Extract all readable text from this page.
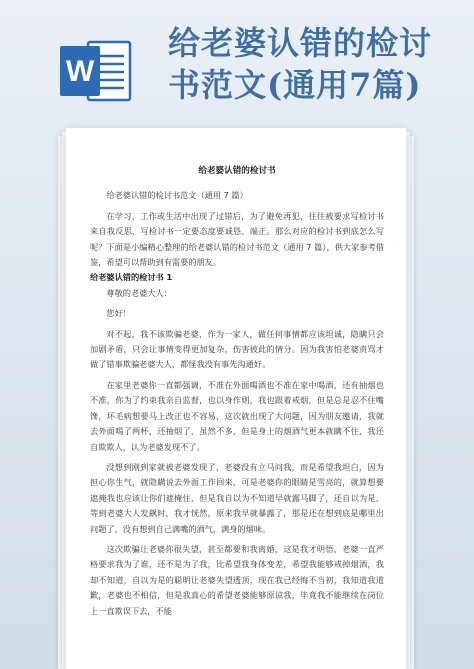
W
给老婆认错的检讨
书范文(通用7篇)
给老婆认错的检讨书

给老婆认错的检讨书范文（通用 7 篇）

在学习、工作或生活中出现了过错后，为了避免再犯，往往被要求写检讨书来自我反思，写检讨书一定要态度要诚恳、端正。那么对应的检讨书到底怎么写呢？下面是小编精心整理的给老婆认错的检讨书范文（通用 7 篇），供大家参考借鉴，希望可以帮助到有需要的朋友。

给老婆认错的检讨书 1

尊敬的老婆大人：

您好！

对不起，我不该欺骗老婆，作为一家人，做任何事情都应该坦诚，隐瞒只会加剧矛盾，只会让事情变得更加复杂，伤害彼此的情分。因为我害怕老婆责骂才做了错事欺骗老婆大人，都怪我没有事先沟通好。

在家里老婆你一直都强调，不准在外面喝酒也不准在家中喝酒，还有抽烟也不准，你为了约束我亲自监督，也以身作则，我也跟着戒烟，但是总是忍不住嘴馋，坏毛病想要马上改正也不容易，这次就出现了大问题，因为朋友邀请，我就去外面喝了两杯，还抽烟了，虽然不多，但是身上的烟酒气更本就瞒不住，我还自欺欺人，认为老婆发现不了。

没想到刚到家就被老婆发现了，老婆没有立马问我，而是希望我坦白，因为担心你生气，就隐瞒说去外面工作回来，可是老婆你的眼睛是雪亮的，就算想要遮掩我也应该让你们遮掩住，但是我自以为不知道早就露马脚了，还自以为是，等到老婆大人发飙时，我才恍然，原来我早就暴露了，那是还在想到底是哪里出问题了，没有想到自己满嘴的酒气，满身的烟味。

这次欺骗让老婆你很失望，甚至都要和我离婚，这是我才明悟，老婆一直严格要求我为了谁，还不是为了我，比希望我身体变差，希望我能够戒掉烟酒，我却不知道，自以为是的聪明让老婆失望透顶，现在我已经悔不当初，我知道我道歉，老婆也不相信，但是我真心的希望老婆能够原谅我，毕竟我不能继续在岗位上一直欺误下去，不能
